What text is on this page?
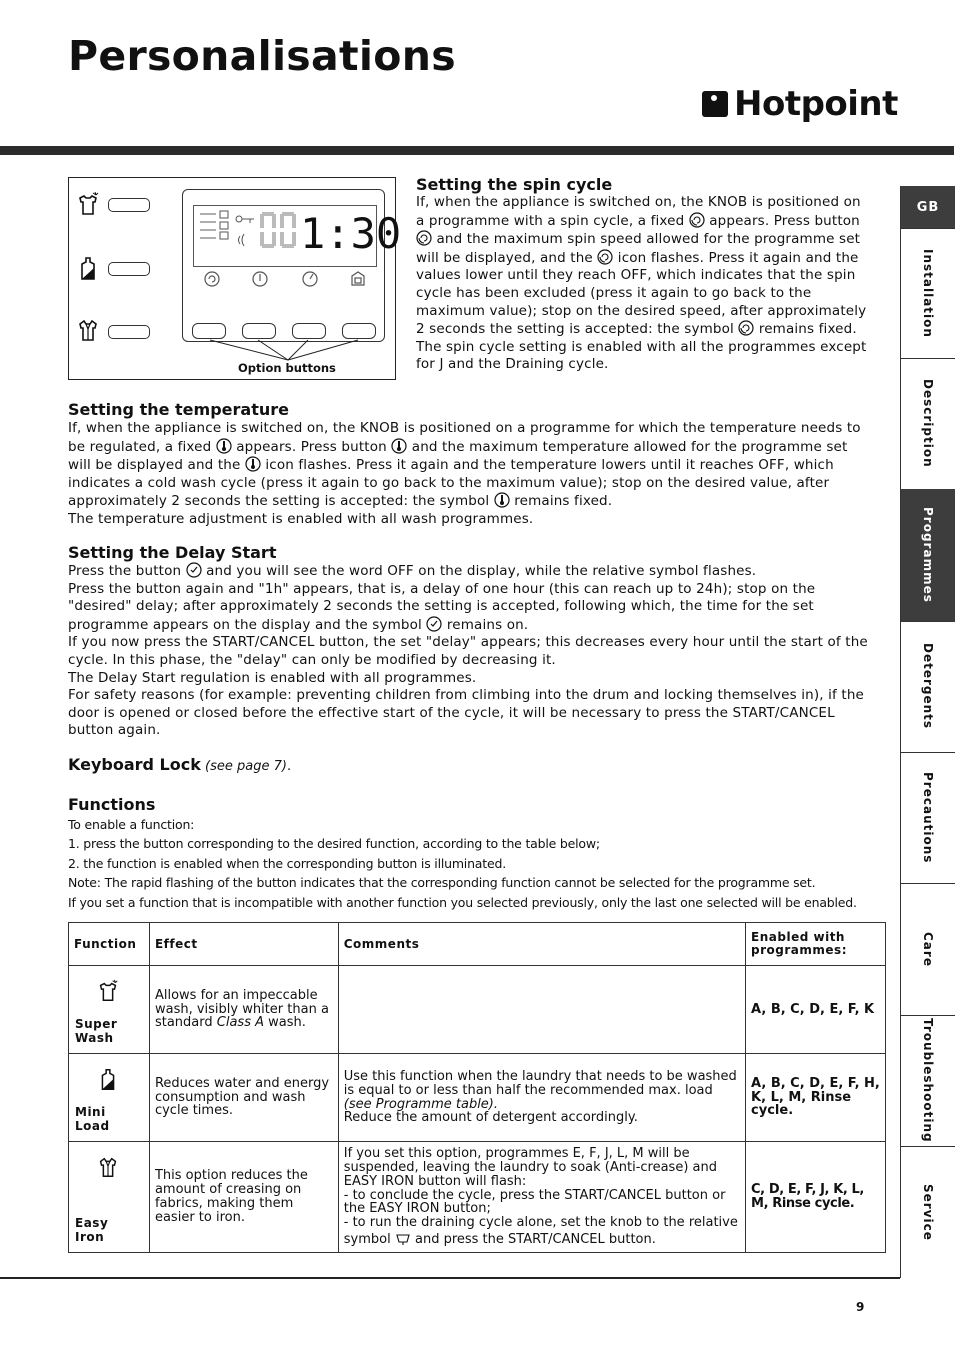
Personalisations
Hotpoint
GB
Installation
Description
Programmes
Detergents
Precautions
Care
Troubleshooting
Service
1:30
Option buttons
Setting the spin cycle
If, when the appliance is switched on, the KNOB is positioned on a programme with a spin cycle, a fixed appears. Press button  and the maximum spin speed allowed for the programme set will be displayed, and the icon flashes. Press it again and the values lower until they reach OFF, which indicates that the spin cycle has been excluded (press it again to go back to the maximum value); stop on the desired speed, after approximately 2 seconds the setting is accepted: the symbol remains fixed. The spin cycle setting is enabled with all the programmes except for J and the Draining cycle.
Setting the temperature

If, when the appliance is switched on, the KNOB is positioned on a programme for which the temperature needs to be regulated, a fixed appears. Press button and the maximum temperature allowed for the programme set will be displayed and the icon flashes. Press it again and the temperature lowers until it reaches OFF, which indicates a cold wash cycle (press it again to go back to the maximum value); stop on the desired value, after approximately 2 seconds the setting is accepted: the symbol remains fixed.

The temperature adjustment is enabled with all wash programmes.

Setting the Delay Start

Press the button and you will see the word OFF on the display, while the relative symbol flashes.

Press the button again and "1h" appears, that is, a delay of one hour (this can reach up to 24h); stop on the "desired" delay; after approximately 2 seconds the setting is accepted, following which, the time for the set programme appears on the display and the symbol remains on.

If you now press the START/CANCEL button, the set "delay" appears; this decreases every hour until the start of the cycle. In this phase, the "delay" can only be modified by decreasing it.

The Delay Start regulation is enabled with all programmes.

For safety reasons (for example: preventing children from climbing into the drum and locking themselves in), if the door is opened or closed before the effective start of the cycle, it will be necessary to press the START/CANCEL button again.

Keyboard Lock (see page 7).
Functions

To enable a function:

1. press the button corresponding to the desired function, according to the table below;

2. the function is enabled when the corresponding button is illuminated.

Note: The rapid flashing of the button indicates that the corresponding function cannot be selected for the programme set.

If you set a function that is incompatible with another function you selected previously, only the last one selected will be enabled.

Function	Effect	Comments	Enabled with programmes:

Super
Wash	Allows for an impeccable wash, visibly whiter than a standard Class A wash.		A, B, C, D, E, F, K

Mini
Load	Reduces water and energy consumption and wash cycle times.	Use this function when the laundry that needs to be washed is equal to or less than half the recommended max. load (see Programme table).
Reduce the amount of detergent accordingly.	A, B, C, D, E, F, H, K, L, M, Rinse cycle.

Easy
Iron	This option reduces the amount of creasing on fabrics, making them easier to iron.	If you set this option, programmes E, F, J, L, M will be suspended, leaving the laundry to soak (Anti-crease) and EASY IRON button will flash:
- to conclude the cycle, press the START/CANCEL button or the EASY IRON button;
- to run the draining cycle alone, set the knob to the relative symbol and press the START/CANCEL button.	C, D, E, F, J, K, L, M, Rinse cycle.
9
